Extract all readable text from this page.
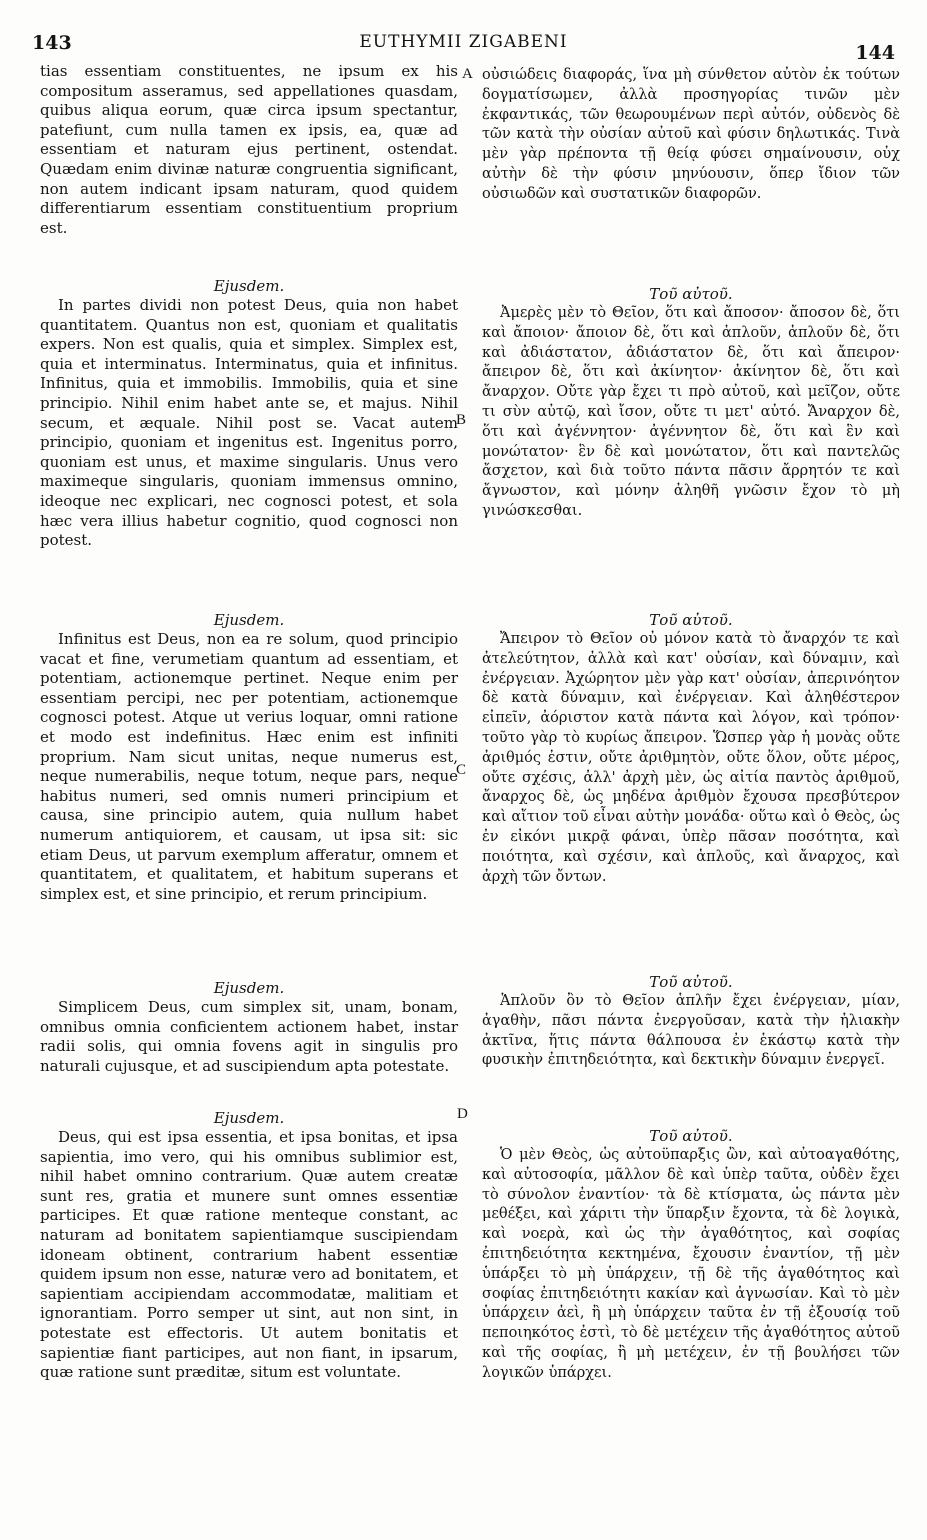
143	EUTHYMII ZIGABENI	144
A
B
C
D

tias essentiam constituentes, ne ipsum ex his compositum asseramus, sed appellationes quasdam, quibus aliqua eorum, quæ circa ipsum spectantur, patefiunt, cum nulla tamen ex ipsis, ea, quæ ad essentiam et naturam ejus pertinent, ostendat. Quædam enim divinæ naturæ congruentia significant, non autem indicant ipsam naturam, quod quidem differentiarum essentiam constituentium proprium est.

Ejusdem.

In partes dividi non potest Deus, quia non habet quantitatem. Quantus non est, quoniam et qualitatis expers. Non est qualis, quia et simplex. Simplex est, quia et interminatus. Interminatus, quia et infinitus. Infinitus, quia et immobilis. Immobilis, quia et sine principio. Nihil enim habet ante se, et majus. Nihil secum, et æquale. Nihil post se. Vacat autem principio, quoniam et ingenitus est. Ingenitus porro, quoniam est unus, et maxime singularis. Unus vero maximeque singularis, quoniam immensus omnino, ideoque nec explicari, nec cognosci potest, et sola hæc vera illius habetur cognitio, quod cognosci non potest.

Ejusdem.

Infinitus est Deus, non ea re solum, quod principio vacat et fine, verumetiam quantum ad essentiam, et potentiam, actionemque pertinet. Neque enim per essentiam percipi, nec per potentiam, actionemque cognosci potest. Atque ut verius loquar, omni ratione et modo est indefinitus. Hæc enim est infiniti proprium. Nam sicut unitas, neque numerus est, neque numerabilis, neque totum, neque pars, neque habitus numeri, sed omnis numeri principium et causa, sine principio autem, quia nullum habet numerum antiquiorem, et causam, ut ipsa sit: sic etiam Deus, ut parvum exemplum afferatur, omnem et quantitatem, et qualitatem, et habitum superans et simplex est, et sine principio, et rerum principium.

Ejusdem.

Simplicem Deus, cum simplex sit, unam, bonam, omnibus omnia conficientem actionem habet, instar radii solis, qui omnia fovens agit in singulis pro naturali cujusque, et ad suscipiendum apta potestate.

Ejusdem.

Deus, qui est ipsa essentia, et ipsa bonitas, et ipsa sapientia, imo vero, qui his omnibus sublimior est, nihil habet omnino contrarium. Quæ autem creatæ sunt res, gratia et munere sunt omnes essentiæ participes. Et quæ ratione menteque constant, ac naturam ad bonitatem sapientiamque suscipiendam idoneam obtinent, contrarium habent essentiæ quidem ipsum non esse, naturæ vero ad bonitatem, et sapientiam accipiendam accommodatæ, malitiam et ignorantiam. Porro semper ut sint, aut non sint, in potestate est effectoris. Ut autem bonitatis et sapientiæ fiant participes, aut non fiant, in ipsarum, quæ ratione sunt præditæ, situm est voluntate.

οὐσιώδεις διαφοράς, ἵνα μὴ σύνθετον αὐτὸν ἐκ τούτων δογματίσωμεν, ἀλλὰ προσηγορίας τινῶν μὲν ἐκφαντικάς, τῶν θεωρουμένων περὶ αὐτόν, οὐδενὸς δὲ τῶν κατὰ τὴν οὐσίαν αὐτοῦ καὶ φύσιν δηλωτικάς. Τινὰ μὲν γὰρ πρέποντα τῇ θείᾳ φύσει σημαίνουσιν, οὐχ αὐτὴν δὲ τὴν φύσιν μηνύουσιν, ὅπερ ἴδιον τῶν οὐσιωδῶν καὶ συστατικῶν διαφορῶν.

Τοῦ αὐτοῦ.

Ἀμερὲς μὲν τὸ Θεῖον, ὅτι καὶ ἄποσον· ἄποσον δὲ, ὅτι καὶ ἄποιον· ἄποιον δὲ, ὅτι καὶ ἁπλοῦν, ἁπλοῦν δὲ, ὅτι καὶ ἀδιάστατον, ἀδιάστατον δὲ, ὅτι καὶ ἄπειρον· ἄπειρον δὲ, ὅτι καὶ ἀκίνητον· ἀκίνητον δὲ, ὅτι καὶ ἄναρχον. Οὔτε γὰρ ἔχει τι πρὸ αὐτοῦ, καὶ μεῖζον, οὔτε τι σὺν αὐτῷ, καὶ ἴσον, οὔτε τι μετ' αὐτό. Ἄναρχον δὲ, ὅτι καὶ ἀγέννητον· ἀγέννητον δὲ, ὅτι καὶ ἓν καὶ μονώτατον· ἓν δὲ καὶ μονώτατον, ὅτι καὶ παντελῶς ἄσχετον, καὶ διὰ τοῦτο πάντα πᾶσιν ἄρρητόν τε καὶ ἄγνωστον, καὶ μόνην ἀληθῆ γνῶσιν ἔχον τὸ μὴ γινώσκεσθαι.

Τοῦ αὐτοῦ.

Ἄπειρον τὸ Θεῖον οὐ μόνον κατὰ τὸ ἄναρχόν τε καὶ ἀτελεύτητον, ἀλλὰ καὶ κατ' οὐσίαν, καὶ δύναμιν, καὶ ἐνέργειαν. Ἀχώρητον μὲν γὰρ κατ' οὐσίαν, ἀπερινόητον δὲ κατὰ δύναμιν, καὶ ἐνέργειαν. Καὶ ἀληθέστερον εἰπεῖν, ἀόριστον κατὰ πάντα καὶ λόγον, καὶ τρόπον· τοῦτο γὰρ τὸ κυρίως ἄπειρον. Ὥσπερ γὰρ ἡ μονὰς οὔτε ἀριθμός ἐστιν, οὔτε ἀριθμητὸν, οὔτε ὅλον, οὔτε μέρος, οὔτε σχέσις, ἀλλ' ἀρχὴ μὲν, ὡς αἰτία παντὸς ἀριθμοῦ, ἄναρχος δὲ, ὡς μηδένα ἀριθμὸν ἔχουσα πρεσβύτερον καὶ αἴτιον τοῦ εἶναι αὐτὴν μονάδα· οὕτω καὶ ὁ Θεὸς, ὡς ἐν εἰκόνι μικρᾷ φάναι, ὑπὲρ πᾶσαν ποσότητα, καὶ ποιότητα, καὶ σχέσιν, καὶ ἁπλοῦς, καὶ ἄναρχος, καὶ ἀρχὴ τῶν ὄντων.

Τοῦ αὐτοῦ.

Ἁπλοῦν ὂν τὸ Θεῖον ἁπλῆν ἔχει ἐνέργειαν, μίαν, ἀγαθὴν, πᾶσι πάντα ἐνεργοῦσαν, κατὰ τὴν ἡλιακὴν ἀκτῖνα, ἥτις πάντα θάλπουσα ἐν ἑκάστῳ κατὰ τὴν φυσικὴν ἐπιτηδειότητα, καὶ δεκτικὴν δύναμιν ἐνεργεῖ.

Τοῦ αὐτοῦ.

Ὁ μὲν Θεὸς, ὡς αὐτοϋπαρξις ὢν, καὶ αὐτοαγαθότης, καὶ αὐτοσοφία, μᾶλλον δὲ καὶ ὑπὲρ ταῦτα, οὐδὲν ἔχει τὸ σύνολον ἐναντίον· τὰ δὲ κτίσματα, ὡς πάντα μὲν μεθέξει, καὶ χάριτι τὴν ὕπαρξιν ἔχοντα, τὰ δὲ λογικὰ, καὶ νοερὰ, καὶ ὡς τὴν ἀγαθότητος, καὶ σοφίας ἐπιτηδειότητα κεκτημένα, ἔχουσιν ἐναντίον, τῇ μὲν ὑπάρξει τὸ μὴ ὑπάρχειν, τῇ δὲ τῆς ἀγαθότητος καὶ σοφίας ἐπιτηδειότητι κακίαν καὶ ἀγνωσίαν. Καὶ τὸ μὲν ὑπάρχειν ἀεὶ, ἢ μὴ ὑπάρχειν ταῦτα ἐν τῇ ἐξουσίᾳ τοῦ πεποιηκότος ἐστὶ, τὸ δὲ μετέχειν τῆς ἀγαθότητος αὐτοῦ καὶ τῆς σοφίας, ἢ μὴ μετέχειν, ἐν τῇ βουλήσει τῶν λογικῶν ὑπάρχει.
